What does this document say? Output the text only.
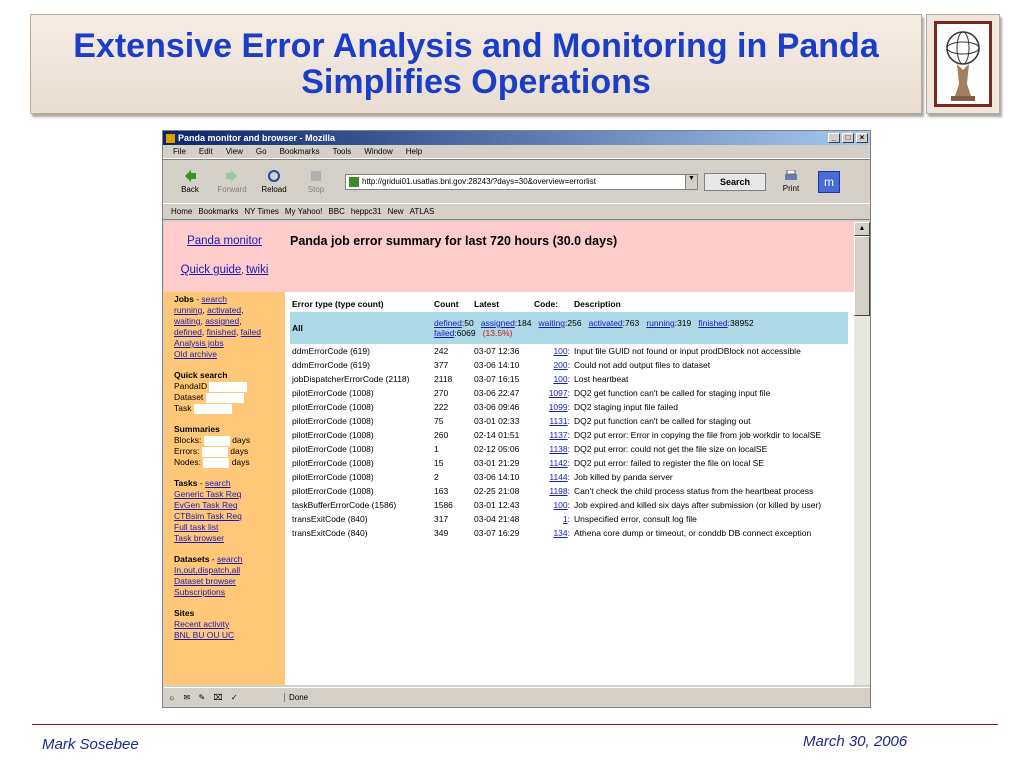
Extensive Error Analysis and Monitoring in Panda Simplifies Operations
Panda monitor and browser - Mozilla	_	□	×
File Edit View Go Bookmarks Tools Window Help
Back Forward Reload	Stop
http://gridui01.usatlas.bnl.gov:28243/?days=30&overview=errorlist	▼	Search
Print	m
Home Bookmarks NY Times My Yahoo! BBC heppc31 New ATLAS
Panda monitor
Quick guide, twiki
Jobs - search
running, activated,
waiting, assigned,
defined, finished, failed
Analysis jobs
Old archive
Quick search
PandaID
Dataset
Task
Summaries
Blocks:	days
Errors:	days
Nodes:	days
Tasks - search
Generic Task Req
EvGen Task Req
CTBsim Task Req
Full task list
Task browser
Datasets - search
In,out,dispatch,all
Dataset browser
Subscriptions
Sites
Recent activity
BNL BU OU UC
Panda job error summary for last 720 hours (30.0 days)
Error type (type count)	Count	Latest	Code:	Description
All	defined:50 assigned:184 waiting:256 activated:763 running:319 finished:38952
failed:6069 (13.5%)			
ddmErrorCode (619)	242	03-07 12:36	100:	Input file GUID not found or input prodDBlock not accessible
ddmErrorCode (619)	377	03-06 14:10	200:	Could not add output files to dataset
jobDispatcherErrorCode (2118)	2118	03-07 16:15	100:	Lost heartbeat
pilotErrorCode (1008)	270	03-06 22:47	1097:	DQ2 get function can't be called for staging input file
pilotErrorCode (1008)	222	03-06 09:46	1099:	DQ2 staging input file failed
pilotErrorCode (1008)	75	03-01 02:33	1131:	DQ2 put function can't be called for staging out
pilotErrorCode (1008)	260	02-14 01:51	1137:	DQ2 put error: Error in copying the file from job workdir to localSE
pilotErrorCode (1008)	1	02-12 05:06	1138:	DQ2 put error: could not get the file size on localSE
pilotErrorCode (1008)	15	03-01 21:29	1142:	DQ2 put error: failed to register the file on local SE
pilotErrorCode (1008)	2	03-06 14:10	1144:	Job killed by panda server
pilotErrorCode (1008)	163	02-25 21:08	1198:	Can't check the child process status from the heartbeat process
taskBufferErrorCode (1586)	1586	03-01 12:43	100:	Job expired and killed six days after submission (or killed by user)
transExitCode (840)	317	03-04 21:48	1:	Unspecified error, consult log file
transExitCode (840)	349	03-07 16:29	134:	Athena core dump or timeout, or conddb DB connect exception
▲
☼ ✉ ✎ ⌧ ✓	Done
Mark Sosebee	March 30, 2006
